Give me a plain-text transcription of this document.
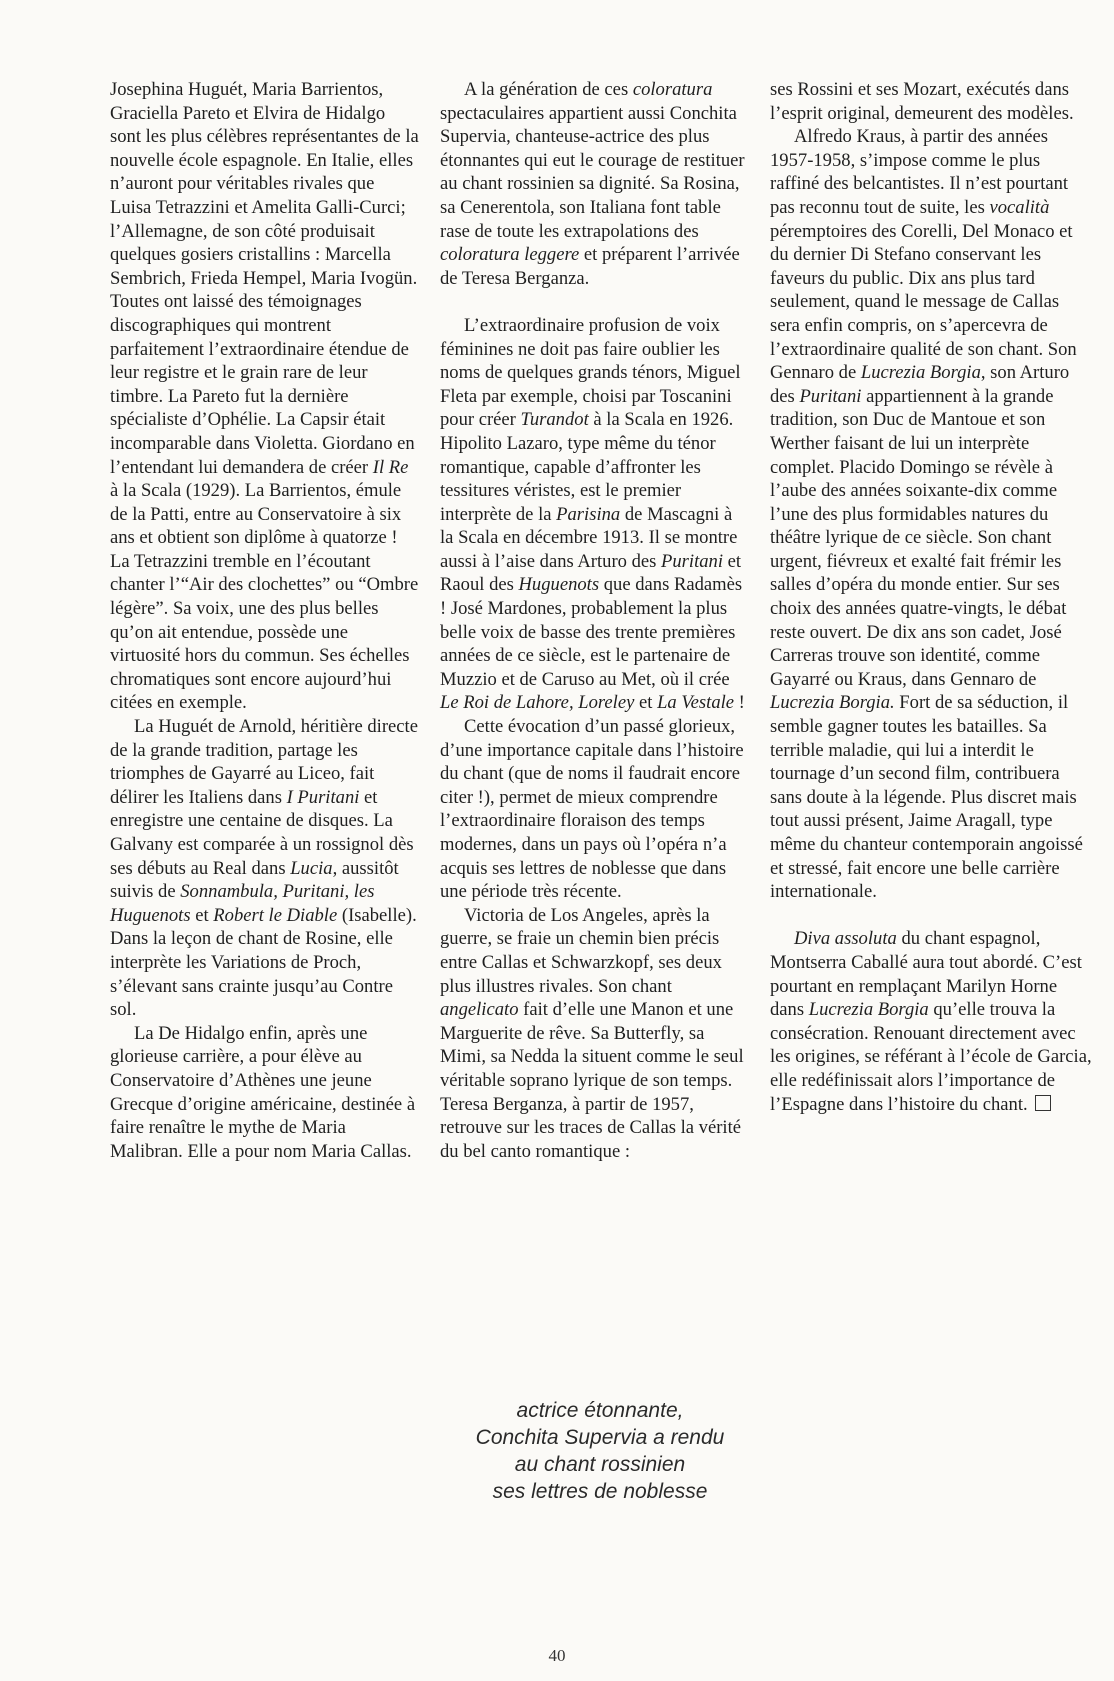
Josephina Huguét, Maria Barrientos, Graciella Pareto et Elvira de Hidalgo sont les plus célèbres représentantes de la nouvelle école espagnole. En Italie, elles n’auront pour véritables rivales que Luisa Tetrazzini et Amelita Galli-Curci; l’Allemagne, de son côté produisait quelques gosiers cristallins : Marcella Sembrich, Frieda Hempel, Maria Ivogün. Toutes ont laissé des témoignages discographiques qui montrent parfaitement l’extraordinaire étendue de leur registre et le grain rare de leur timbre. La Pareto fut la dernière spécialiste d’Ophélie. La Capsir était incomparable dans Violetta. Giordano en l’entendant lui demandera de créer Il Re à la Scala (1929). La Barrientos, émule de la Patti, entre au Conservatoire à six ans et obtient son diplôme à quatorze ! La Tetrazzini tremble en l’écoutant chanter l’“Air des clochettes” ou “Ombre légère”. Sa voix, une des plus belles qu’on ait entendue, possède une virtuosité hors du commun. Ses échelles chromatiques sont encore aujourd’hui citées en exemple.

La Huguét de Arnold, héritière directe de la grande tradition, partage les triomphes de Gayarré au Liceo, fait délirer les Italiens dans I Puritani et enregistre une centaine de disques. La Galvany est comparée à un rossignol dès ses débuts au Real dans Lucia, aussitôt suivis de Sonnambula, Puritani, les Huguenots et Robert le Diable (Isabelle). Dans la leçon de chant de Rosine, elle interprète les Variations de Proch, s’élevant sans crainte jusqu’au Contre sol.

La De Hidalgo enfin, après une glorieuse carrière, a pour élève au Conservatoire d’Athènes une jeune Grecque d’origine américaine, destinée à faire renaître le mythe de Maria Malibran. Elle a pour nom Maria Callas.

A la génération de ces coloratura spectaculaires appartient aussi Conchita Supervia, chanteuse-actrice des plus étonnantes qui eut le courage de restituer au chant rossinien sa dignité. Sa Rosina, sa Cenerentola, son Italiana font table rase de toute les extrapolations des coloratura leggere et préparent l’arrivée de Teresa Berganza.

L’extraordinaire profusion de voix féminines ne doit pas faire oublier les noms de quelques grands ténors, Miguel Fleta par exemple, choisi par Toscanini pour créer Turandot à la Scala en 1926. Hipolito Lazaro, type même du ténor romantique, capable d’affronter les tessitures véristes, est le premier interprète de la Parisina de Mascagni à la Scala en décembre 1913. Il se montre aussi à l’aise dans Arturo des Puritani et Raoul des Huguenots que dans Radamès ! José Mardones, probablement la plus belle voix de basse des trente premières années de ce siècle, est le partenaire de Muzzio et de Caruso au Met, où il crée Le Roi de Lahore, Loreley et La Vestale !

Cette évocation d’un passé glorieux, d’une importance capitale dans l’histoire du chant (que de noms il faudrait encore citer !), permet de mieux comprendre l’extraordinaire floraison des temps modernes, dans un pays où l’opéra n’a acquis ses lettres de noblesse que dans une période très récente.

Victoria de Los Angeles, après la guerre, se fraie un chemin bien précis entre Callas et Schwarzkopf, ses deux plus illustres rivales. Son chant angelicato fait d’elle une Manon et une Marguerite de rêve. Sa Butterfly, sa Mimi, sa Nedda la situent comme le seul véritable soprano lyrique de son temps. Teresa Berganza, à partir de 1957, retrouve sur les traces de Callas la vérité du bel canto romantique :

ses Rossini et ses Mozart, exécutés dans l’esprit original, demeurent des modèles.

Alfredo Kraus, à partir des années 1957-1958, s’impose comme le plus raffiné des belcantistes. Il n’est pourtant pas reconnu tout de suite, les vocalità péremptoires des Corelli, Del Monaco et du dernier Di Stefano conservant les faveurs du public. Dix ans plus tard seulement, quand le message de Callas sera enfin compris, on s’apercevra de l’extraordinaire qualité de son chant. Son Gennaro de Lucrezia Borgia, son Arturo des Puritani appartiennent à la grande tradition, son Duc de Mantoue et son Werther faisant de lui un interprète complet. Placido Domingo se révèle à l’aube des années soixante-dix comme l’une des plus formidables natures du théâtre lyrique de ce siècle. Son chant urgent, fiévreux et exalté fait frémir les salles d’opéra du monde entier. Sur ses choix des années quatre-vingts, le débat reste ouvert. De dix ans son cadet, José Carreras trouve son identité, comme Gayarré ou Kraus, dans Gennaro de Lucrezia Borgia. Fort de sa séduction, il semble gagner toutes les batailles. Sa terrible maladie, qui lui a interdit le tournage d’un second film, contribuera sans doute à la légende. Plus discret mais tout aussi présent, Jaime Aragall, type même du chanteur contemporain angoissé et stressé, fait encore une belle carrière internationale.

Diva assoluta du chant espagnol, Montserra Caballé aura tout abordé. C’est pourtant en remplaçant Marilyn Horne dans Lucrezia Borgia qu’elle trouva la consécration. Renouant directement avec les origines, se référant à l’école de Garcia, elle redéfinissait alors l’importance de l’Espagne dans l’histoire du chant.

actrice étonnante,
Conchita Supervia a rendu
au chant rossinien
ses lettres de noblesse
40
